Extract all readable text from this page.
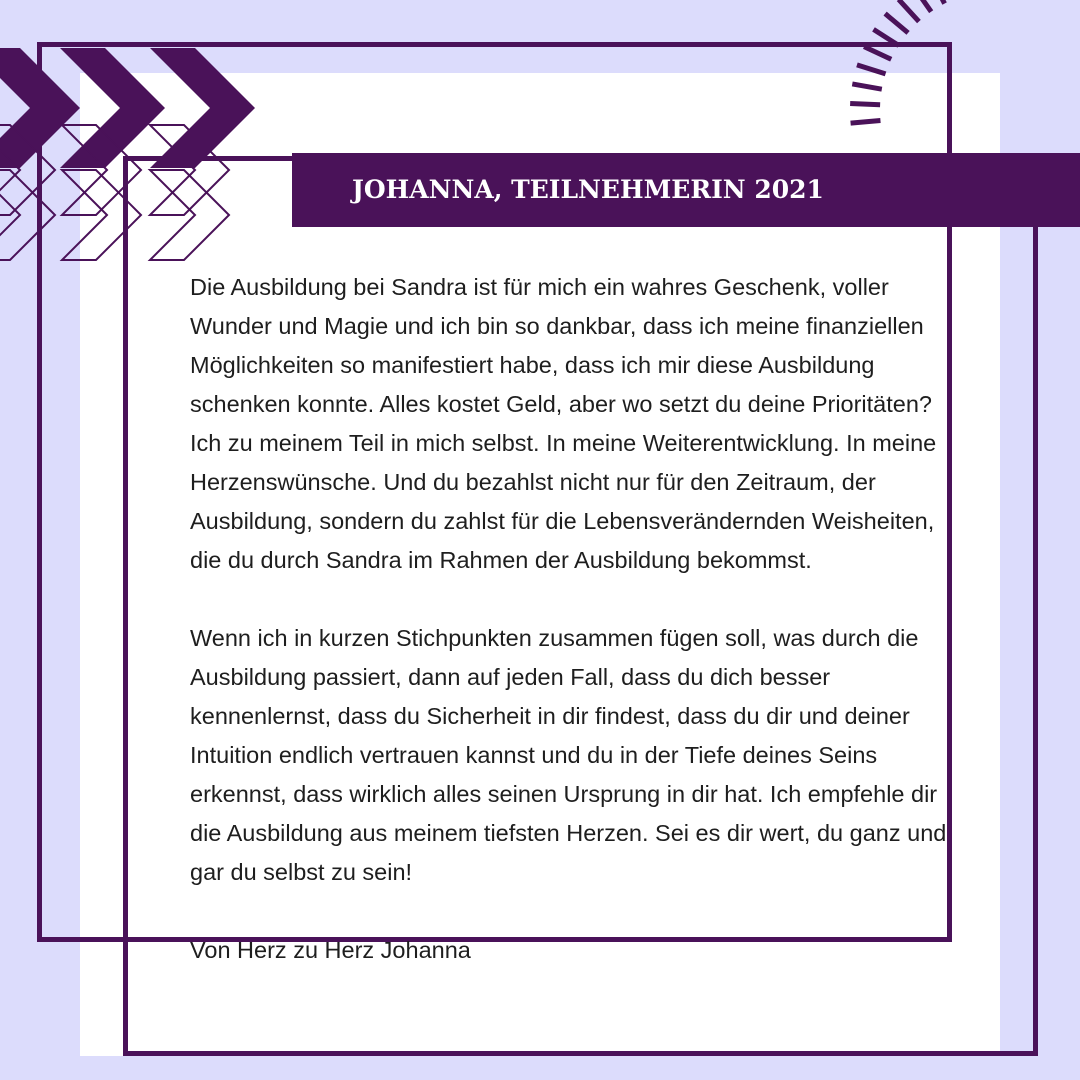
JOHANNA, TEILNEHMERIN 2021

Die Ausbildung bei Sandra ist für mich ein wahres Geschenk, voller Wunder und Magie und ich bin so dankbar, dass ich meine finanziellen Möglichkeiten so manifestiert habe, dass ich mir diese Ausbildung schenken konnte. Alles kostet Geld, aber wo setzt du deine Prioritäten? Ich zu meinem Teil in mich selbst. In meine Weiterentwicklung. In meine Herzenswünsche. Und du bezahlst nicht nur für den Zeitraum, der Ausbildung, sondern du zahlst für die Lebensverändernden Weisheiten, die du durch Sandra im Rahmen der Ausbildung bekommst.

Wenn ich in kurzen Stichpunkten zusammen fügen soll, was durch die Ausbildung passiert, dann auf jeden Fall, dass du dich besser kennenlernst, dass du Sicherheit in dir findest, dass du dir und deiner Intuition endlich vertrauen kannst und du in der Tiefe deines Seins erkennst, dass wirklich alles seinen Ursprung in dir hat. Ich empfehle dir die Ausbildung aus meinem tiefsten Herzen. Sei es dir wert, du ganz und gar du selbst zu sein!

Von Herz zu Herz Johanna
